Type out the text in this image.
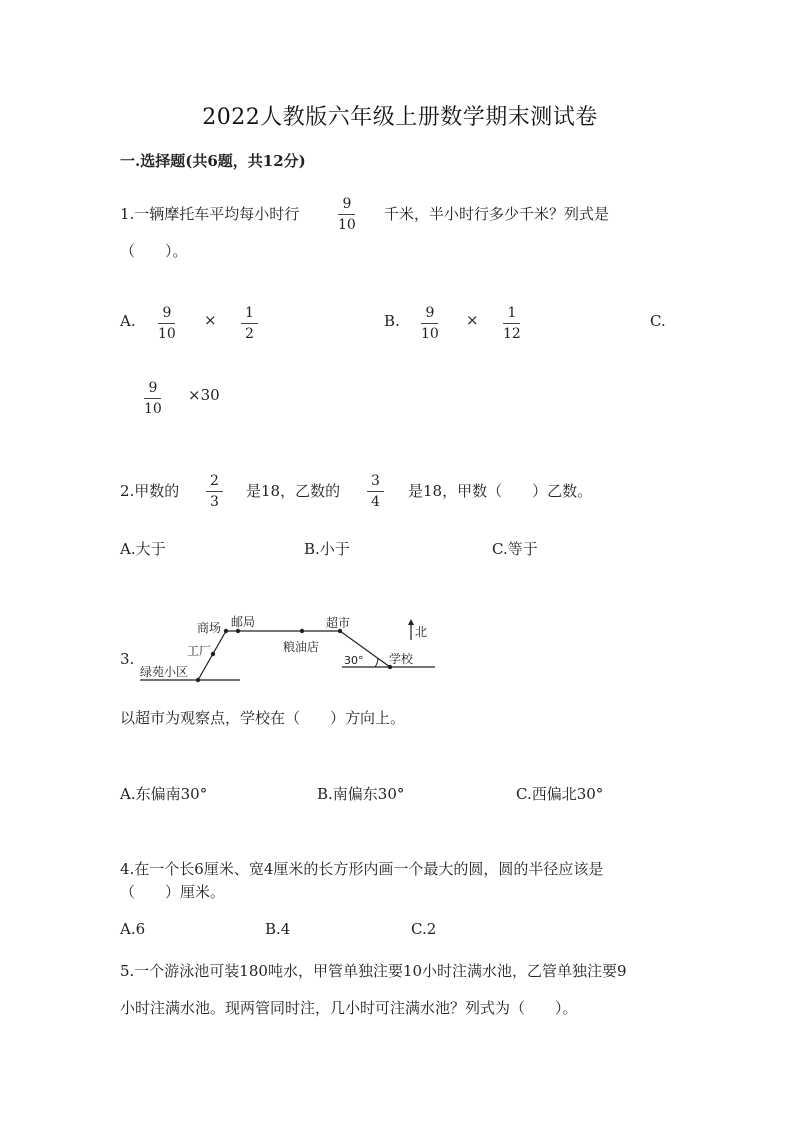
2022人教版六年级上册数学期末测试卷
一.选择题(共6题，共12分)
1.一辆摩托车平均每小时行	$\frac{9}{10}$ 千米，半小时行多少千米？列式是
（　　）。
A. $\frac{9}{10} \times \frac{1}{2}$	B. $\frac{9}{10} \times \frac{1}{12}$	C.
$\frac{9}{10} \times 30$
2.甲数的 $\frac{2}{3}$ 是18，乙数的 $\frac{3}{4}$ 是18，甲数（　　）乙数。
A.大于	B.小于	C.等于
3.
商场 邮局	超市
工厂	粮油店
绿苑小区
30° 学校
北
以超市为观察点，学校在（　　）方向上。
A.东偏南30°	B.南偏东30°	C.西偏北30°
4.在一个长6厘米、宽4厘米的长方形内画一个最大的圆，圆的半径应该是
（　　）厘米。
A.6	B.4	C.2
5.一个游泳池可装180吨水，甲管单独注要10小时注满水池，乙管单独注要9
小时注满水池。现两管同时注，几小时可注满水池？列式为（　　）。
